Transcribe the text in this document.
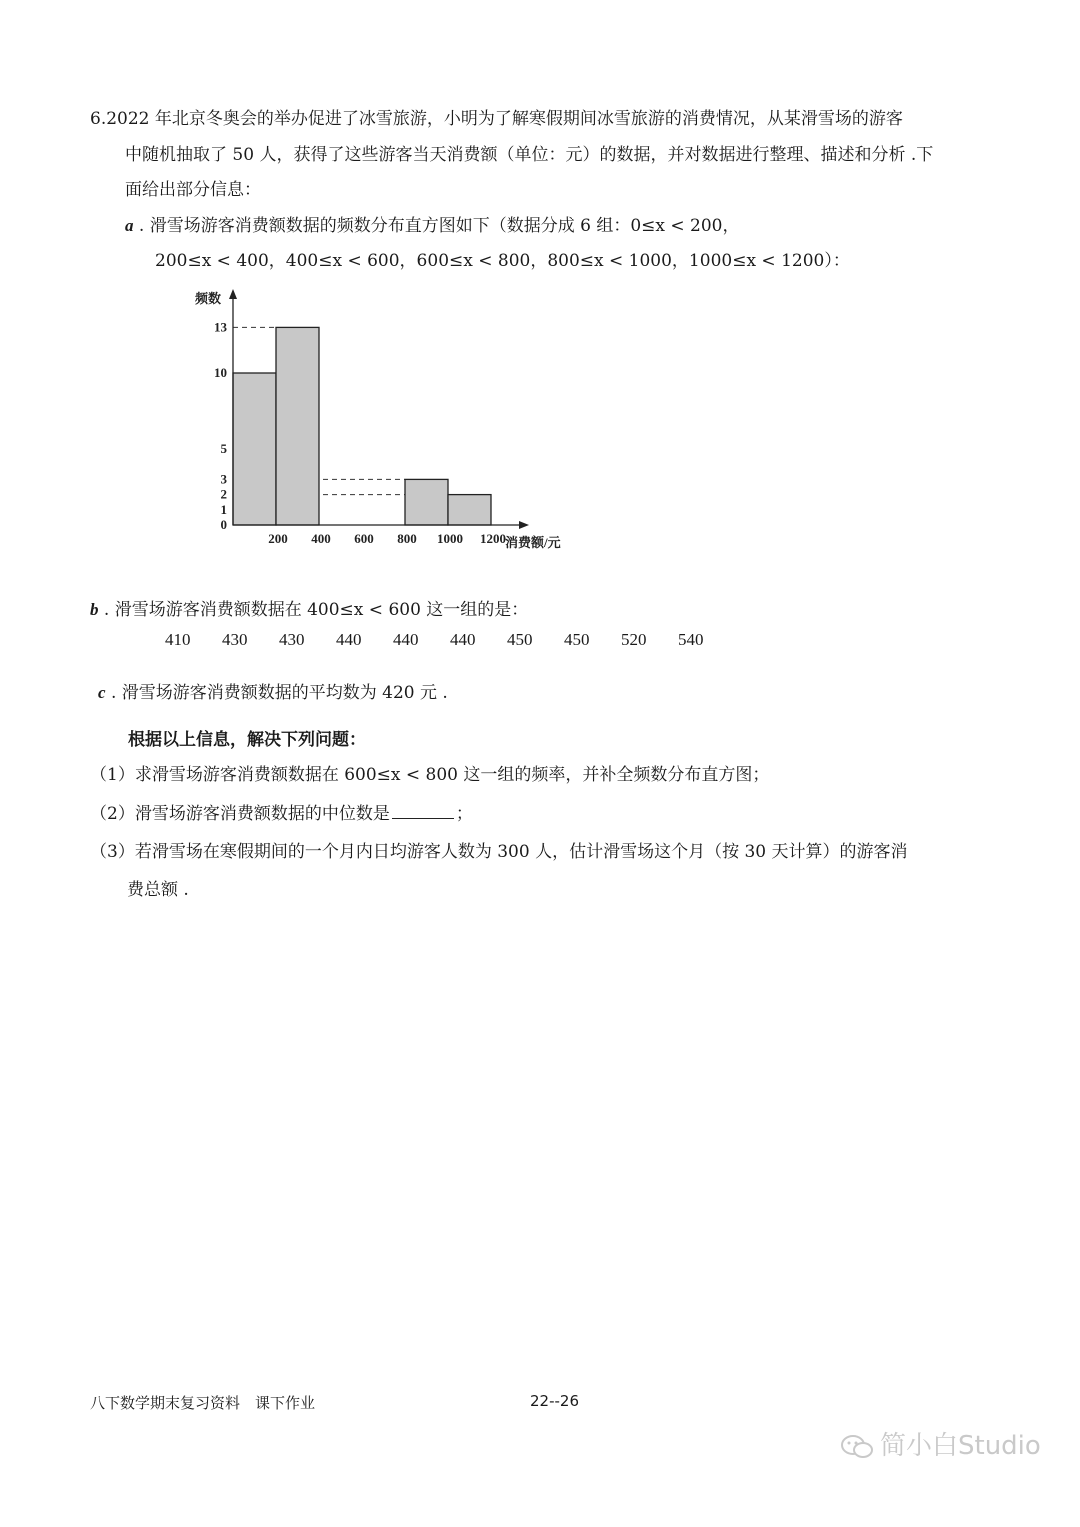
6.2022 年北京冬奥会的举办促进了冰雪旅游，小明为了解寒假期间冰雪旅游的消费情况，从某滑雪场的游客
中随机抽取了 50 人，获得了这些游客当天消费额（单位：元）的数据，并对数据进行整理、描述和分析 .下
面给出部分信息：
a . 滑雪场游客消费额数据的频数分布直方图如下（数据分成 6 组：0≤x < 200，
200≤x < 400，400≤x < 600，600≤x < 800，800≤x < 1000，1000≤x < 1200）：
0
1
2
3
5
10
13
200 400 600 800 1000 1200
频数
消费额/元
b . 滑雪场游客消费额数据在 400≤x < 600 这一组的是：
410 430 430 440 440 440 450 450 520 540
c . 滑雪场游客消费额数据的平均数为 420 元 .
根据以上信息，解决下列问题：
（1）求滑雪场游客消费额数据在 600≤x < 800 这一组的频率，并补全频数分布直方图；
（2）滑雪场游客消费额数据的中位数是	；
（3）若滑雪场在寒假期间的一个月内日均游客人数为 300 人，估计滑雪场这个月（按 30 天计算）的游客消
费总额 .
八下数学期末复习资料　课下作业	22--26
简小白Studio
